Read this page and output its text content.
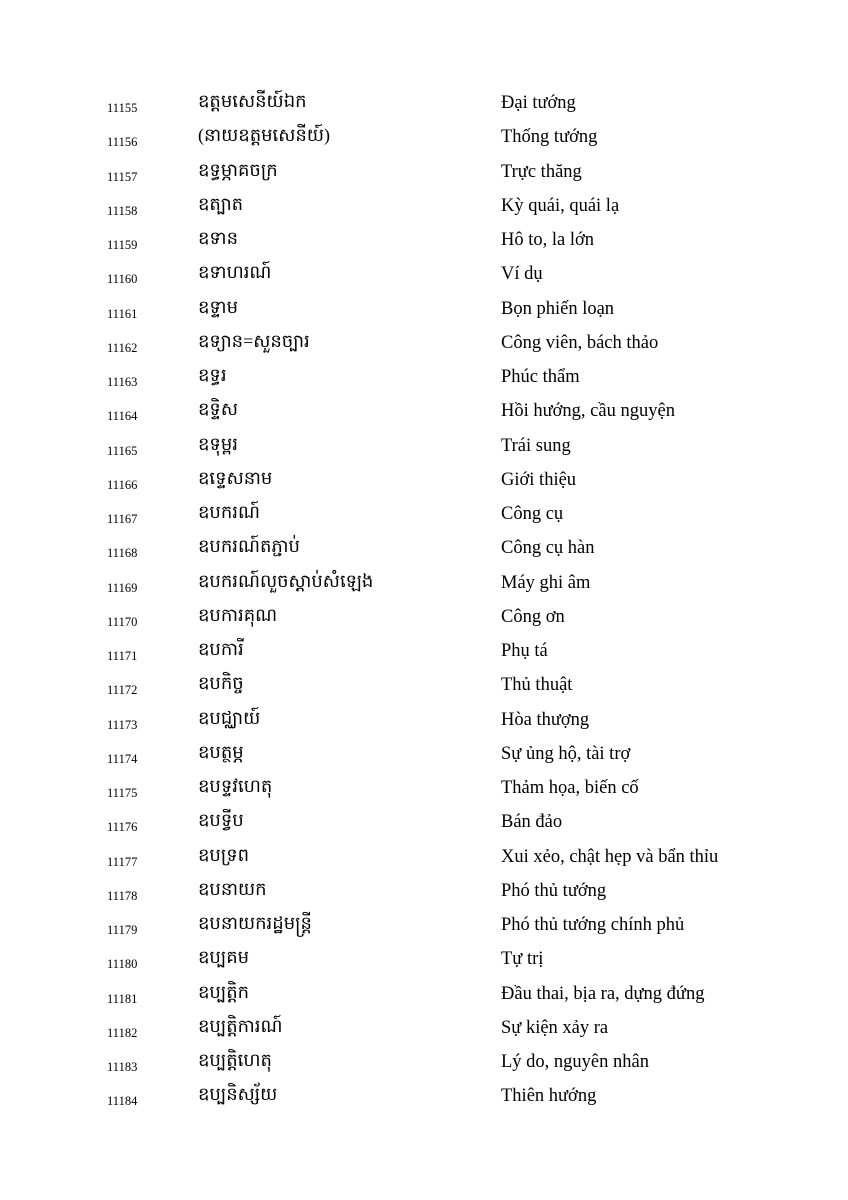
11155	ឧត្តមសេនីយ៍ឯក	Đại tướng
11156	(នាយឧត្តមសេនីយ៍)	Thống tướng
11157	ឧទ្ធម្ភាគចក្រ	Trực thăng
11158	ឧត្បាត	Kỳ quái, quái lạ
11159	ឧទាន	Hô to, la lớn
11160	ឧទាហរណ៍	Ví dụ
11161	ឧទ្ទាម	Bọn phiến loạn
11162	ឧទ្យាន=សួនច្បារ	Công viên, bách thảo
11163	ឧទ្ធរ	Phúc thẩm
11164	ឧទ្ទិស	Hồi hướng, cầu nguyện
11165	ឧទុម្ពរ	Trái sung
11166	ឧទ្ទេសនាម	Giới thiệu
11167	ឧបករណ៍	Công cụ
11168	ឧបករណ៍តភ្ជាប់	Công cụ hàn
11169	ឧបករណ៍លួចស្តាប់សំឡេង	Máy ghi âm
11170	ឧបការគុណ	Công ơn
11171	ឧបការី	Phụ tá
11172	ឧបកិច្ច	Thủ thuật
11173	ឧបជ្ឈាយ៍	Hòa thượng
11174	ឧបត្ថម្ភ	Sự ủng hộ, tài trợ
11175	ឧបទ្ទវហេតុ	Thảm họa, biến cố
11176	ឧបទ្វីប	Bán đảo
11177	ឧបទ្រព	Xui xẻo, chật hẹp và bẩn thỉu
11178	ឧបនាយក	Phó thủ tướng
11179	ឧបនាយករដ្ឋមន្ត្រី	Phó thủ tướng chính phủ
11180	ឧប្បគម	Tự trị
11181	ឧប្បត្តិក	Đầu thai, bịa ra, dựng đứng
11182	ឧប្បត្តិការណ៍	Sự kiện xảy ra
11183	ឧប្បត្តិហេតុ	Lý do, nguyên nhân
11184	ឧប្បនិស្ស័យ	Thiên hướng
